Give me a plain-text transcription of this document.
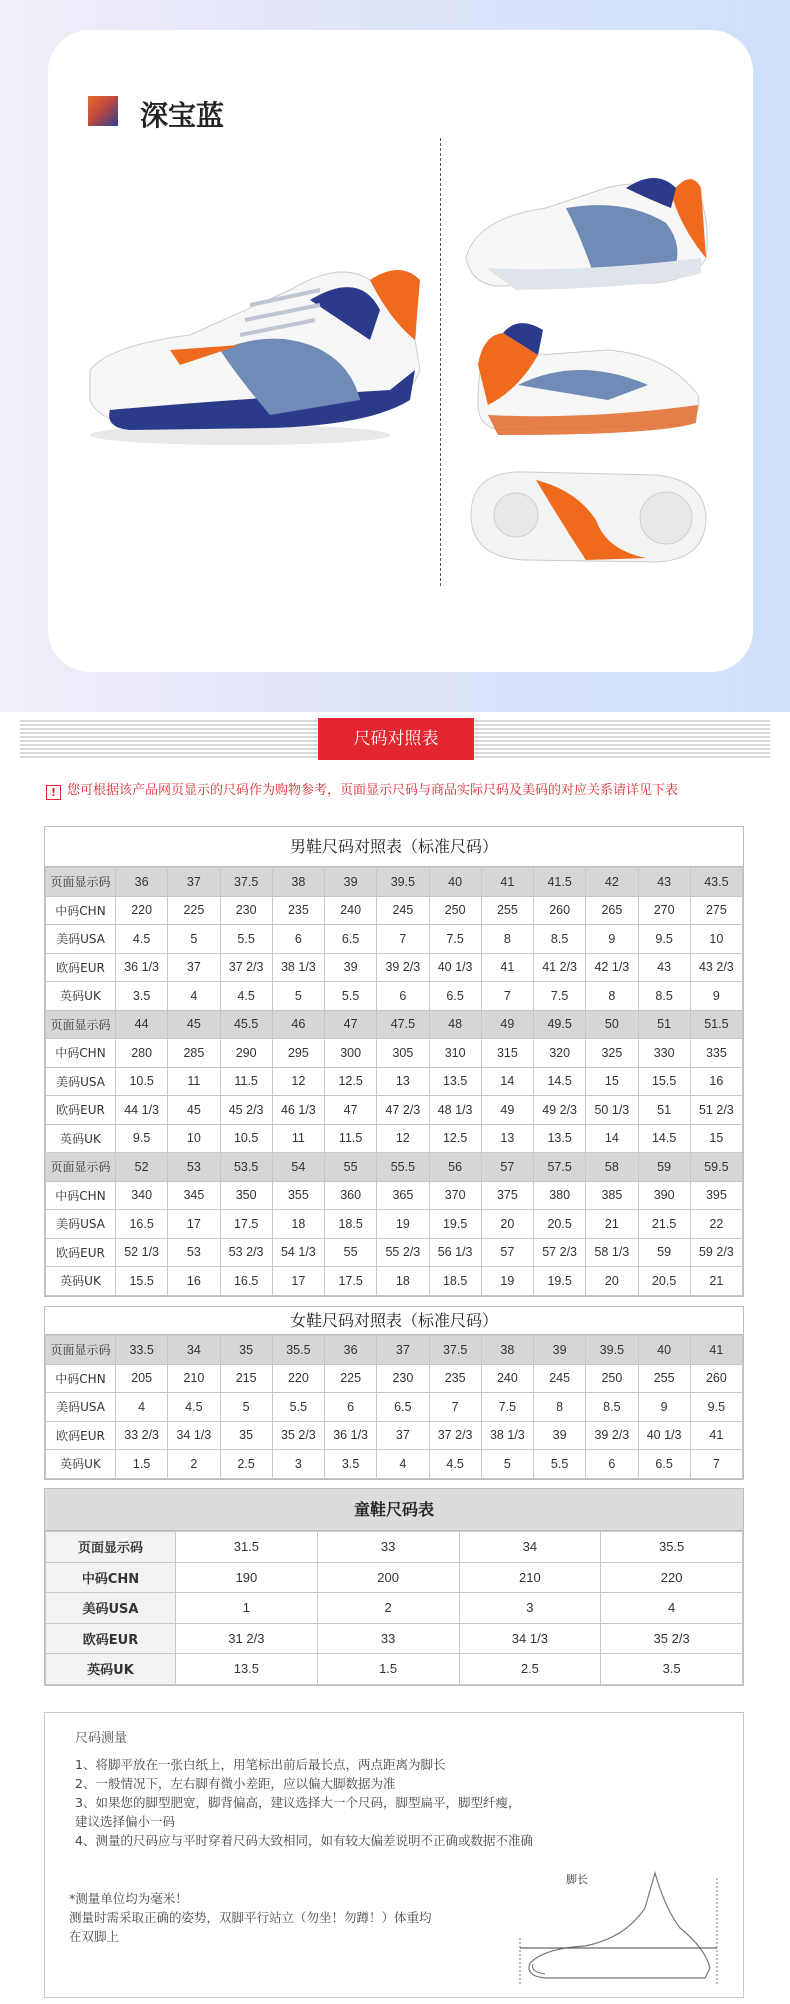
深宝蓝
尺码对照表
! 您可根据该产品网页显示的尺码作为购物参考，页面显示尺码与商品实际尺码及美码的对应关系请详见下表
男鞋尺码对照表（标准尺码）
页面显示码	36	37	37.5	38	39	39.5	40	41	41.5	42	43	43.5
中码CHN	220	225	230	235	240	245	250	255	260	265	270	275
美码USA	4.5	5	5.5	6	6.5	7	7.5	8	8.5	9	9.5	10
欧码EUR	36 1/3	37	37 2/3	38 1/3	39	39 2/3	40 1/3	41	41 2/3	42 1/3	43	43 2/3
英码UK	3.5	4	4.5	5	5.5	6	6.5	7	7.5	8	8.5	9
页面显示码	44	45	45.5	46	47	47.5	48	49	49.5	50	51	51.5
中码CHN	280	285	290	295	300	305	310	315	320	325	330	335
美码USA	10.5	11	11.5	12	12.5	13	13.5	14	14.5	15	15.5	16
欧码EUR	44 1/3	45	45 2/3	46 1/3	47	47 2/3	48 1/3	49	49 2/3	50 1/3	51	51 2/3
英码UK	9.5	10	10.5	11	11.5	12	12.5	13	13.5	14	14.5	15
页面显示码	52	53	53.5	54	55	55.5	56	57	57.5	58	59	59.5
中码CHN	340	345	350	355	360	365	370	375	380	385	390	395
美码USA	16.5	17	17.5	18	18.5	19	19.5	20	20.5	21	21.5	22
欧码EUR	52 1/3	53	53 2/3	54 1/3	55	55 2/3	56 1/3	57	57 2/3	58 1/3	59	59 2/3
英码UK	15.5	16	16.5	17	17.5	18	18.5	19	19.5	20	20.5	21
女鞋尺码对照表（标准尺码）
页面显示码	33.5	34	35	35.5	36	37	37.5	38	39	39.5	40	41
中码CHN	205	210	215	220	225	230	235	240	245	250	255	260
美码USA	4	4.5	5	5.5	6	6.5	7	7.5	8	8.5	9	9.5
欧码EUR	33 2/3	34 1/3	35	35 2/3	36 1/3	37	37 2/3	38 1/3	39	39 2/3	40 1/3	41
英码UK	1.5	2	2.5	3	3.5	4	4.5	5	5.5	6	6.5	7
童鞋尺码表
页面显示码	31.5	33	34	35.5
中码CHN	190	200	210	220
美码USA	1	2	3	4
欧码EUR	31 2/3	33	34 1/3	35 2/3
英码UK	13.5	1.5	2.5	3.5
尺码测量

1、将脚平放在一张白纸上，用笔标出前后最长点，两点距离为脚长

2、一般情况下，左右脚有微小差距，应以偏大脚数据为准

3、如果您的脚型肥宽，脚背偏高，建议选择大一个尺码，脚型扁平，脚型纤瘦，

建议选择偏小一码

4、测量的尺码应与平时穿着尺码大致相同，如有较大偏差说明不正确或数据不准确

*测量单位均为毫米！

测量时需采取正确的姿势，双脚平行站立（勿坐！勿蹲！）体重均

在双脚上

脚长
